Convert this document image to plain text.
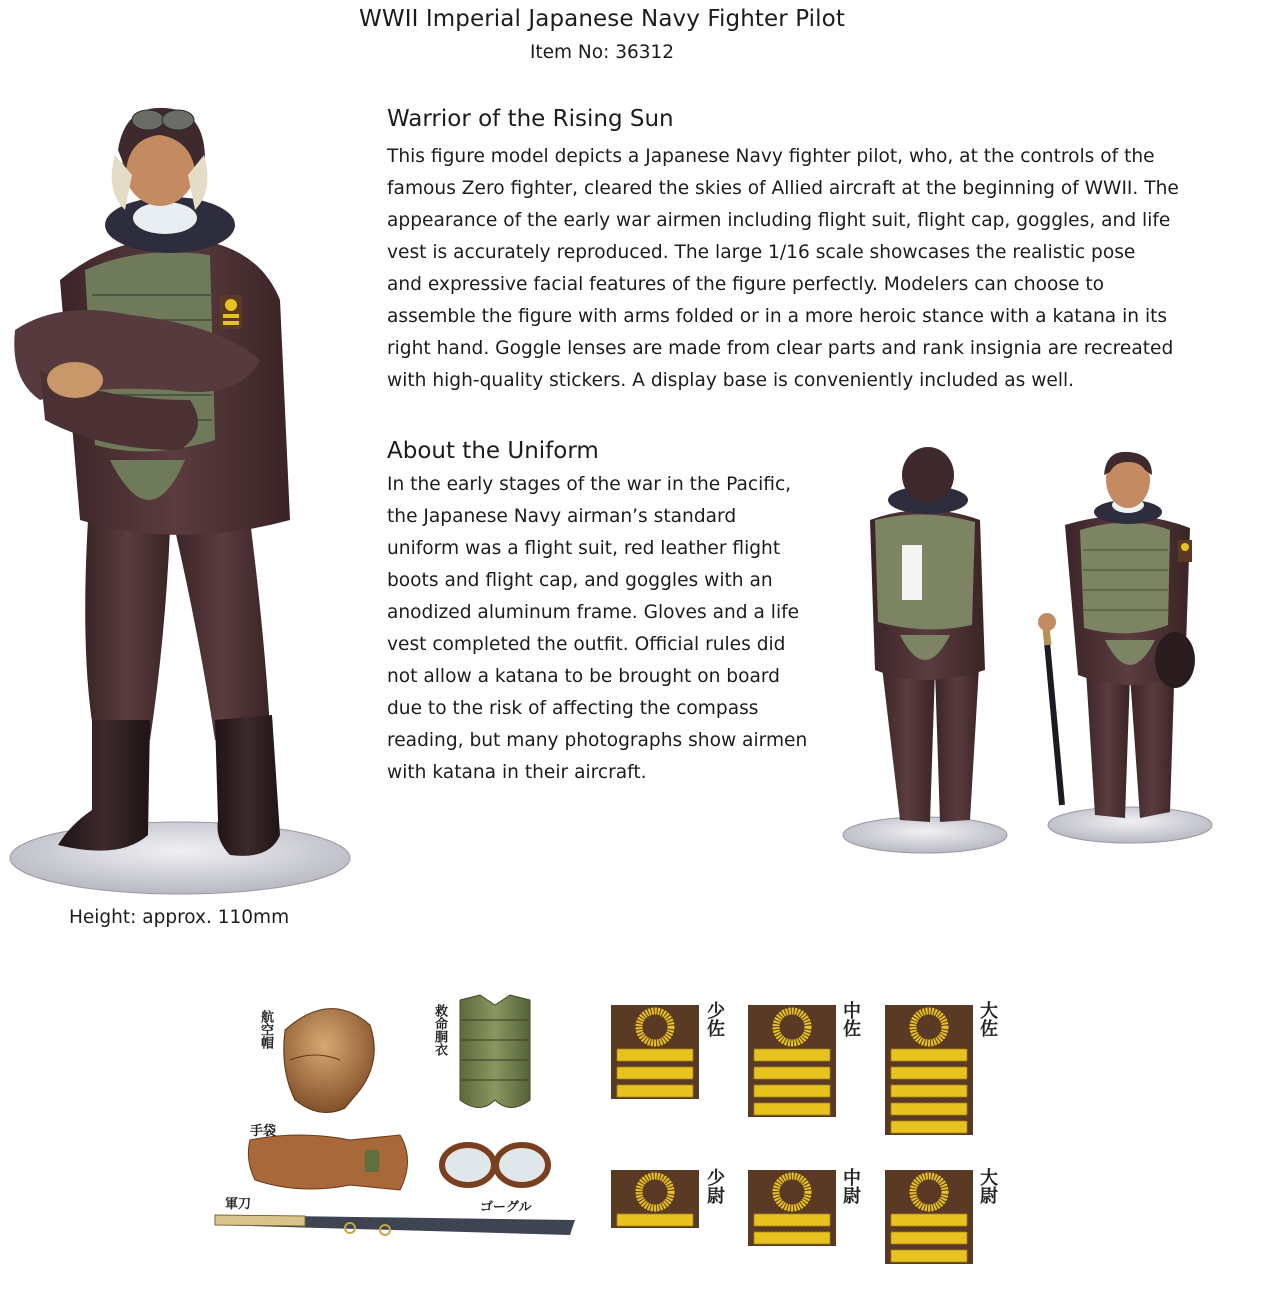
WWII Imperial Japanese Navy Fighter Pilot
Item No: 36312
Height: approx. 110mm
Warrior of the Rising Sun
This figure model depicts a Japanese Navy fighter pilot, who, at the controls of the
famous Zero fighter, cleared the skies of Allied aircraft at the beginning of WWII. The
appearance of the early war airmen including flight suit, flight cap, goggles, and life
vest is accurately reproduced. The large 1/16 scale showcases the realistic pose
and expressive facial features of the figure perfectly. Modelers can choose to
assemble the figure with arms folded or in a more heroic stance with a katana in its
right hand. Goggle lenses are made from clear parts and rank insignia are recreated
with high-quality stickers. A display base is conveniently included as well.
About the Uniform
In the early stages of the war in the Pacific,
the Japanese Navy airman’s standard
uniform was a flight suit, red leather flight
boots and flight cap, and goggles with an
anodized aluminum frame. Gloves and a life
vest completed the outfit. Official rules did
not allow a katana to be brought on board
due to the risk of affecting the compass
reading, but many photographs show airmen
with katana in their aircraft.
航空帽	救命胴衣
手袋
軍刀	ゴーグル
少佐	中佐	大佐
少尉	中尉	大尉
